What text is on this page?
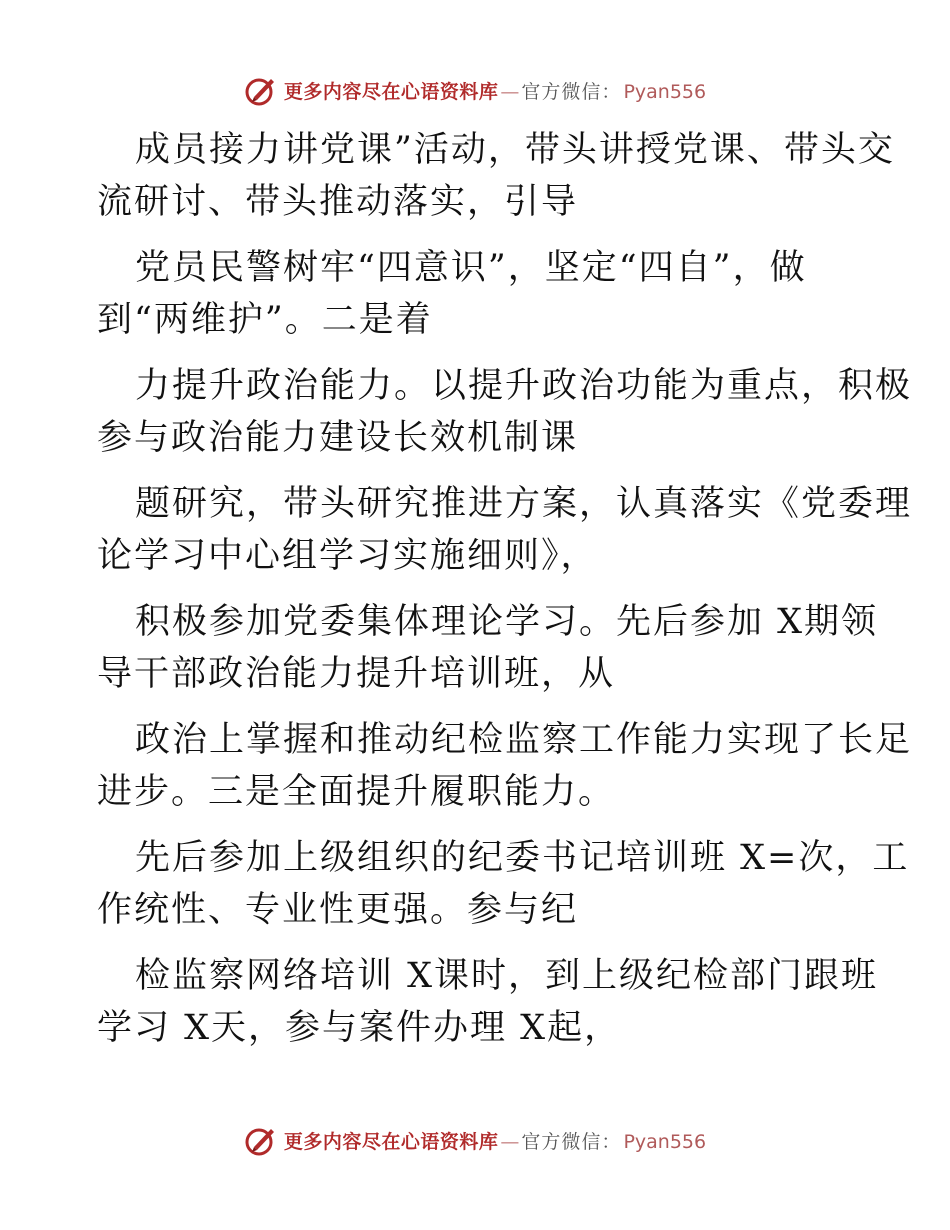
更多内容尽在心语资料库 — 官方微信： Pyan556
成员接力讲党课”活动，带头讲授党课、带头交
流研讨、带头推动落实，引导
党员民警树牢“四意识”，坚定“四自”，做
到“两维护”。二是着
力提升政治能力。以提升政治功能为重点，积极
参与政治能力建设长效机制课
题研究，带头研究推进方案，认真落实《党委理
论学习中心组学习实施细则》，
积极参加党委集体理论学习。先后参加 X期领
导干部政治能力提升培训班，从
政治上掌握和推动纪检监察工作能力实现了长足
进步。三是全面提升履职能力。
先后参加上级组织的纪委书记培训班 X=次，工
作统性、专业性更强。参与纪
检监察网络培训 X课时，到上级纪检部门跟班
学习 X天，参与案件办理 X起，
更多内容尽在心语资料库 — 官方微信： Pyan556
